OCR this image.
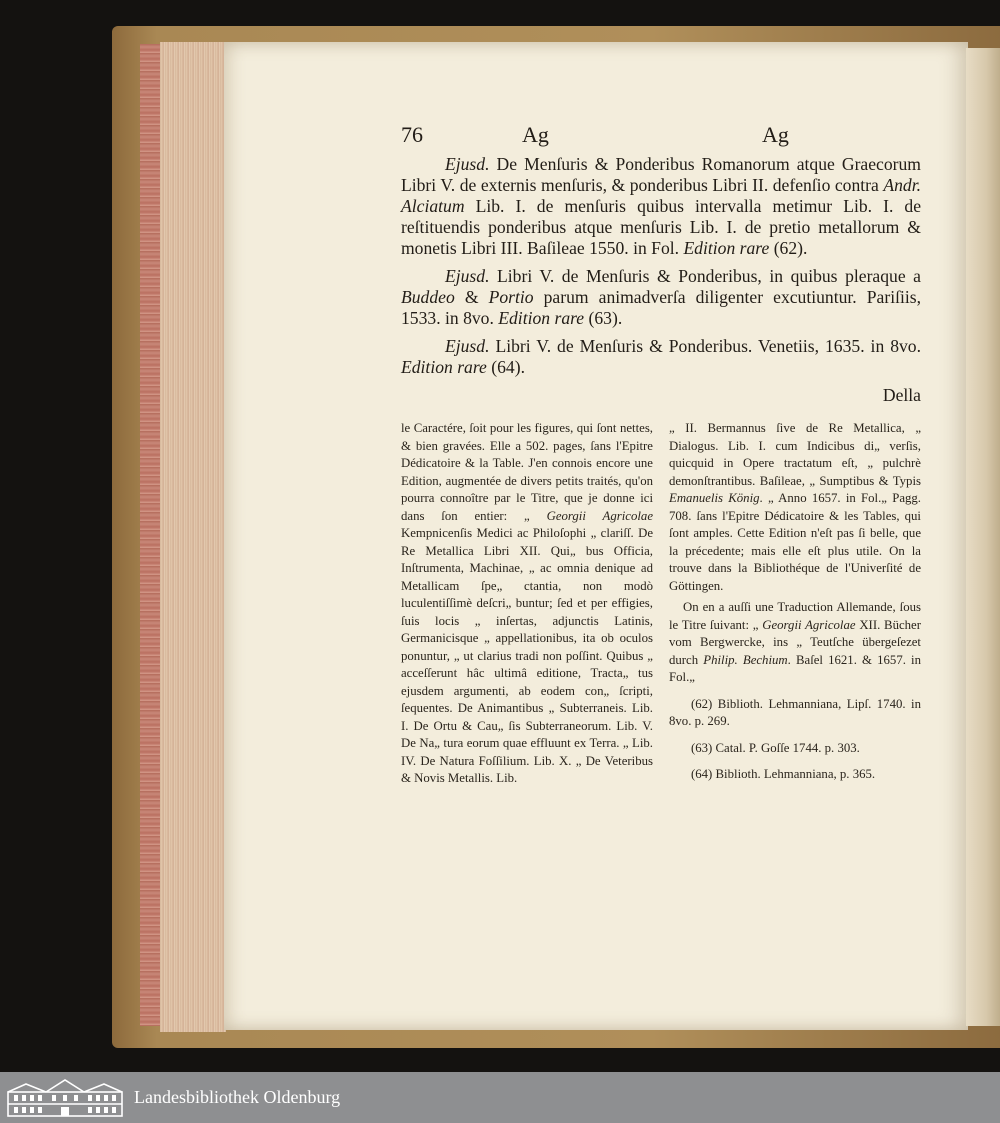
76	Ag	Ag

Ejusd. De Menſuris & Ponderibus Romanorum atque Graecorum Libri V. de externis menſuris, & ponderibus Libri II. defenſio contra Andr. Alciatum Lib. I. de menſuris quibus intervalla metimur Lib. I. de reſtituendis ponderibus atque menſuris Lib. I. de pretio metallorum & monetis Libri III. Baſileae 1550. in Fol. Edition rare (62).

Ejusd. Libri V. de Menſuris & Ponderibus, in quibus pleraque a Buddeo & Portio parum animadverſa diligenter excutiuntur. Pariſiis, 1533. in 8vo. Edition rare (63).

Ejusd. Libri V. de Menſuris & Ponderibus. Venetiis, 1635. in 8vo. Edition rare (64).

Della

le Caractére, ſoit pour les figures, qui ſont nettes, & bien gravées. Elle a 502. pages, ſans l'Epitre Dédicatoire & la Table. J'en connois encore une Edition, augmentée de divers petits traités, qu'on pourra connoître par le Titre, que je donne ici dans ſon entier: „ Georgii Agricolae Kempnicenſis Medici ac Philoſophi „ clariſſ. De Re Metallica Libri XII. Qui„ bus Officia, Inſtrumenta, Machinae, „ ac omnia denique ad Metallicam ſpe„ ctantia, non modò luculentiſſimè deſcri„ buntur; ſed et per effigies, ſuis locis „ inſertas, adjunctis Latinis, Germanicisque „ appellationibus, ita ob oculos ponuntur, „ ut clarius tradi non poſſint. Quibus „ acceſſerunt hâc ultimâ editione, Tracta„ tus ejusdem argumenti, ab eodem con„ ſcripti, ſequentes. De Animantibus „ Subterraneis. Lib. I. De Ortu & Cau„ ſis Subterraneorum. Lib. V. De Na„ tura eorum quae effluunt ex Terra. „ Lib. IV. De Natura Foſſilium. Lib. X. „ De Veteribus & Novis Metallis. Lib.

„ II. Bermannus ſive de Re Metallica, „ Dialogus. Lib. I. cum Indicibus di„ verſis, quicquid in Opere tractatum eſt, „ pulchrè demonſtrantibus. Baſileae, „ Sumptibus & Typis Emanuelis König. „ Anno 1657. in Fol.„ Pagg. 708. ſans l'Epitre Dédicatoire & les Tables, qui ſont amples. Cette Edition n'eſt pas ſi belle, que la précedente; mais elle eſt plus utile. On la trouve dans la Bibliothéque de l'Univerſité de Göttingen.

On en a auſſi une Traduction Allemande, ſous le Titre ſuivant: „ Georgii Agricolae XII. Bücher vom Bergwercke, ins „ Teutſche übergeſezet durch Philip. Bechium. Baſel 1621. & 1657. in Fol.„

(62) Biblioth. Lehmanniana, Lipſ. 1740. in 8vo. p. 269.

(63) Catal. P. Goſſe 1744. p. 303.

(64) Biblioth. Lehmanniana, p. 365.

Landesbibliothek Oldenburg
